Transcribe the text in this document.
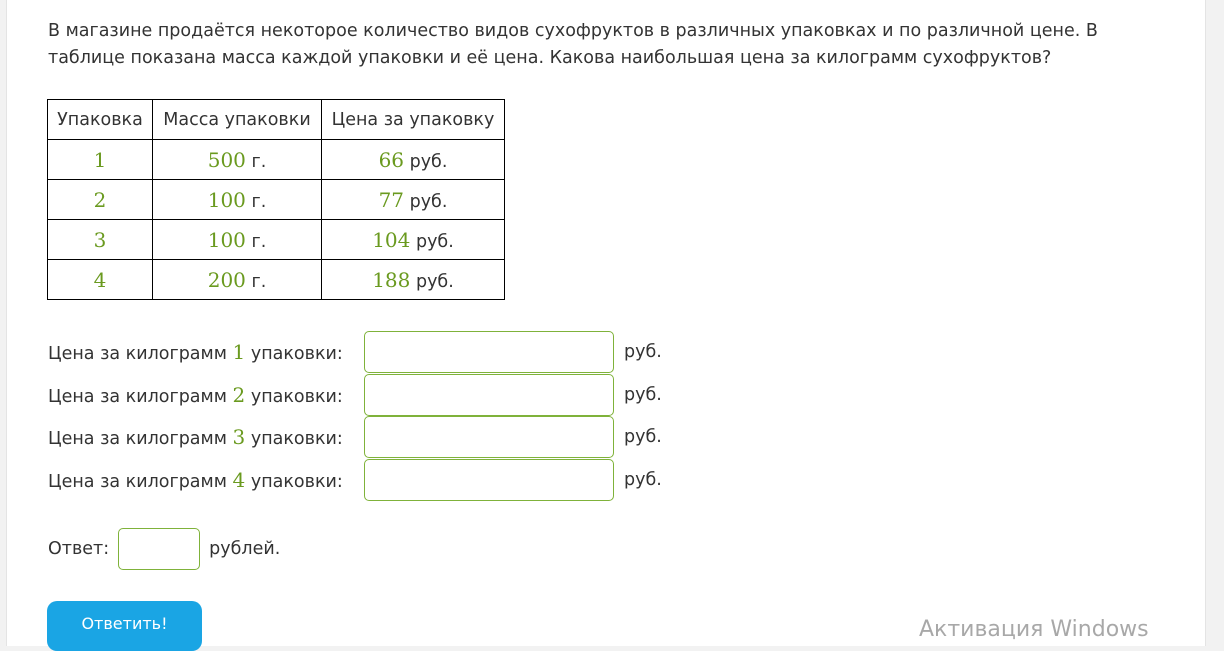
В магазине продаётся некоторое количество видов сухофруктов в различных упаковках и по различной цене. В таблице показана масса каждой упаковки и её цена. Какова наибольшая цена за килограмм сухофруктов?
Упаковка	Масса упаковки	Цена за упаковку
1	500 г.	66 руб.
2	100 г.	77 руб.
3	100 г.	104 руб.
4	200 г.	188 руб.
Цена за килограмм 1 упаковки:	руб.
Цена за килограмм 2 упаковки:	руб.
Цена за килограмм 3 упаковки:	руб.
Цена за килограмм 4 упаковки:	руб.
Ответ:	рублей.
Ответить!	Активация Windows
